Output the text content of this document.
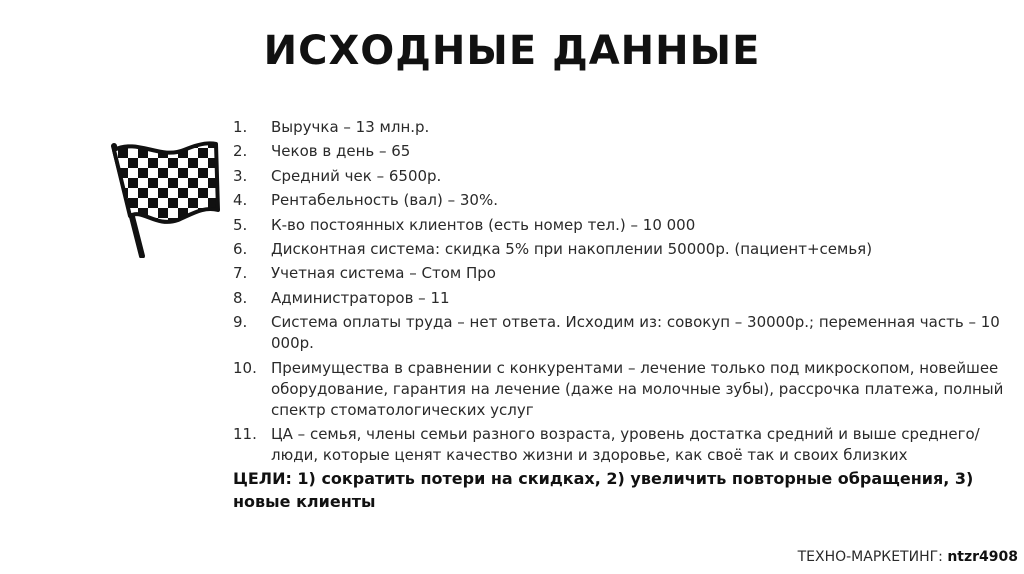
ИСХОДНЫЕ ДАННЫЕ
1.	Выручка – 13 млн.р.
2.	Чеков в день – 65
3.	Средний чек – 6500р.
4.	Рентабельность (вал) – 30%.
5.	К-во постоянных клиентов (есть номер тел.) – 10 000
6.	Дисконтная система: скидка 5% при накоплении 50000р. (пациент+семья)
7.	Учетная система – Стом Про
8.	Администраторов – 11
9.	Система оплаты труда – нет ответа. Исходим из: совокуп – 30000р.; переменная часть – 10 000р.
10. Преимущества в сравнении с конкурентами – лечение только под микроскопом, новейшее оборудование, гарантия на лечение (даже на молочные зубы), рассрочка платежа, полный спектр стоматологических услуг
11. ЦА – семья, члены семьи разного возраста, уровень достатка средний и выше среднего/ люди, которые ценят качество жизни и здоровье, как своё так и своих близких
ЦЕЛИ: 1) сократить потери на скидках, 2) увеличить повторные обращения, 3) новые клиенты
ТЕХНО-МАРКЕТИНГ: ntzr4908
